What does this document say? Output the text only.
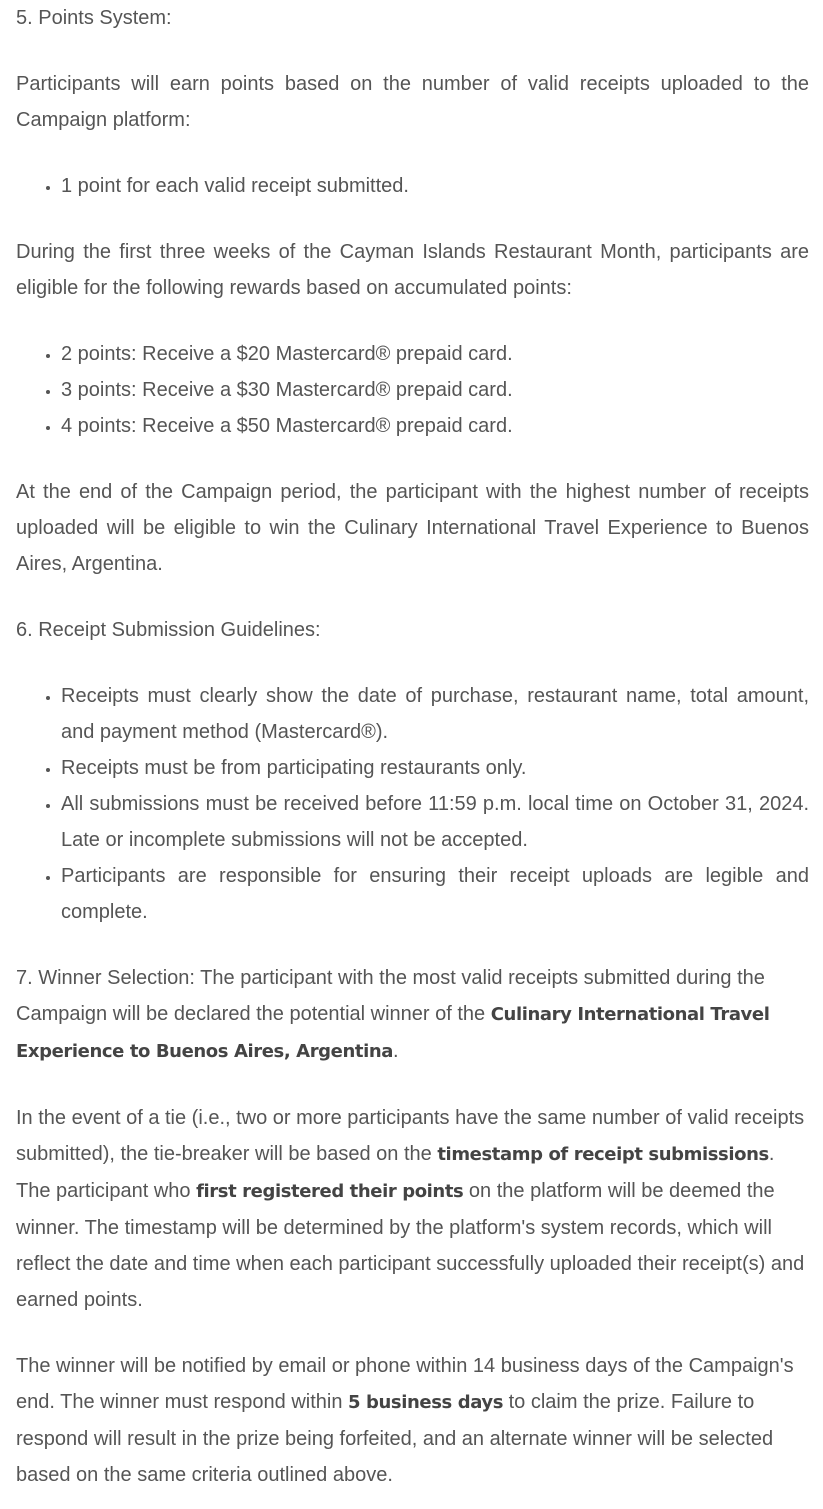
5. Points System:

Participants will earn points based on the number of valid receipts uploaded to the Campaign platform:

• 1 point for each valid receipt submitted.

During the first three weeks of the Cayman Islands Restaurant Month, participants are eligible for the following rewards based on accumulated points:

• 2 points: Receive a $20 Mastercard® prepaid card.
• 3 points: Receive a $30 Mastercard® prepaid card.
• 4 points: Receive a $50 Mastercard® prepaid card.

At the end of the Campaign period, the participant with the highest number of receipts uploaded will be eligible to win the Culinary International Travel Experience to Buenos Aires, Argentina.

6. Receipt Submission Guidelines:

• Receipts must clearly show the date of purchase, restaurant name, total amount, and payment method (Mastercard®).
• Receipts must be from participating restaurants only.
• All submissions must be received before 11:59 p.m. local time on October 31, 2024. Late or incomplete submissions will not be accepted.
• Participants are responsible for ensuring their receipt uploads are legible and complete.

7. Winner Selection: The participant with the most valid receipts submitted during the Campaign will be declared the potential winner of the Culinary International Travel Experience to Buenos Aires, Argentina.

In the event of a tie (i.e., two or more participants have the same number of valid receipts submitted), the tie-breaker will be based on the timestamp of receipt submissions. The participant who first registered their points on the platform will be deemed the winner. The timestamp will be determined by the platform's system records, which will reflect the date and time when each participant successfully uploaded their receipt(s) and earned points.

The winner will be notified by email or phone within 14 business days of the Campaign's end. The winner must respond within 5 business days to claim the prize. Failure to respond will result in the prize being forfeited, and an alternate winner will be selected based on the same criteria outlined above.
